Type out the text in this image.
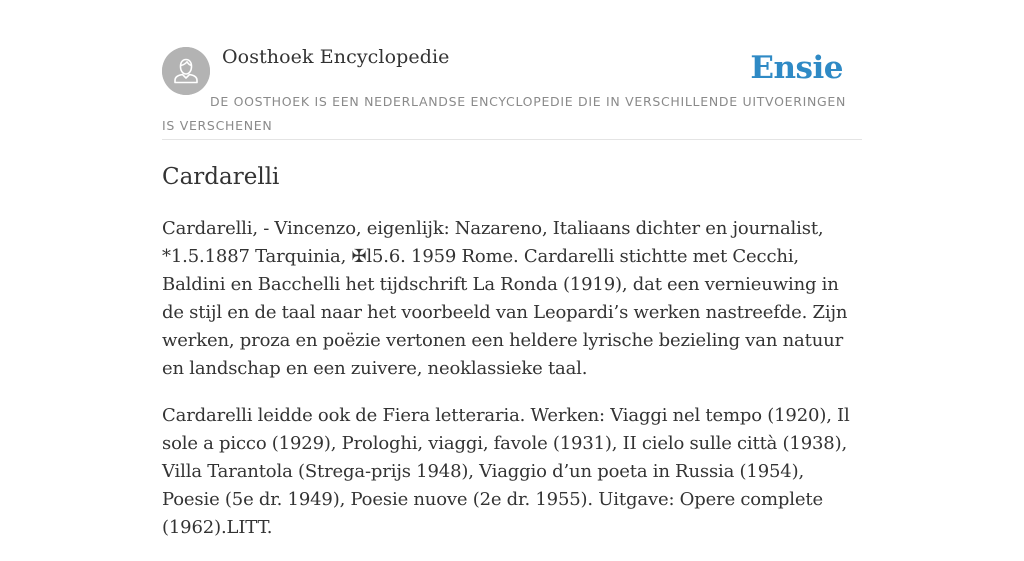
Oosthoek Encyclopedie	Ensie
DE OOSTHOEK IS EEN NEDERLANDSE ENCYCLOPEDIE DIE IN VERSCHILLENDE UITVOERINGEN IS VERSCHENEN
Cardarelli

Cardarelli, - Vincenzo, eigenlijk: Nazareno, Italiaans dichter en journalist, *1.5.1887 Tarquinia, ✠l5.6. 1959 Rome. Cardarelli stichtte met Cecchi, Baldini en Bacchelli het tijdschrift La Ronda (1919), dat een vernieuwing in de stijl en de taal naar het voorbeeld van Leopardi’s werken nastreefde. Zijn werken, proza en poëzie vertonen een heldere lyrische bezieling van natuur en landschap en een zuivere, neoklassieke taal.

Cardarelli leidde ook de Fiera letteraria. Werken: Viaggi nel tempo (1920), Il sole a picco (1929), Prologhi, viaggi, favole (1931), II cielo sulle città (1938), Villa Tarantola (Strega-prijs 1948), Viaggio d’un poeta in Russia (1954), Poesie (5e dr. 1949), Poesie nuove (2e dr. 1955). Uitgave: Opere complete (1962).LITT.
